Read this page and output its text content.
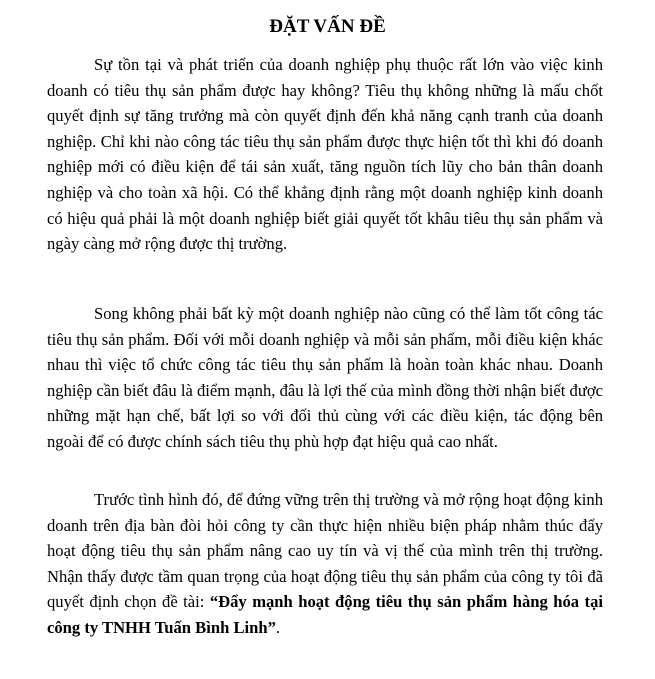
ĐẶT VẤN ĐỀ

Sự tồn tại và phát triển của doanh nghiệp phụ thuộc rất lớn vào việc kinh doanh có tiêu thụ sản phẩm được hay không? Tiêu thụ không những là mấu chốt quyết định sự tăng trưởng mà còn quyết định đến khả năng cạnh tranh của doanh nghiệp. Chỉ khi nào công tác tiêu thụ sản phẩm được thực hiện tốt thì khi đó doanh nghiệp mới có điều kiện để tái sản xuất, tăng nguồn tích lũy cho bản thân doanh nghiệp và cho toàn xã hội. Có thể khẳng định rằng một doanh nghiệp kinh doanh có hiệu quả phải là một doanh nghiệp biết giải quyết tốt khâu tiêu thụ sản phẩm và ngày càng mở rộng được thị trường.

Song không phải bất kỳ một doanh nghiệp nào cũng có thể làm tốt công tác tiêu thụ sản phẩm. Đối với mỗi doanh nghiệp và mỗi sản phẩm, mỗi điều kiện khác nhau thì việc tổ chức công tác tiêu thụ sản phẩm là hoàn toàn khác nhau. Doanh nghiệp cần biết đâu là điểm mạnh, đâu là lợi thế của mình đồng thời nhận biết được những mặt hạn chế, bất lợi so với đối thủ cùng với các điều kiện, tác động bên ngoài để có được chính sách tiêu thụ phù hợp đạt hiệu quả cao nhất.

Trước tình hình đó, để đứng vững trên thị trường và mở rộng hoạt động kinh doanh trên địa bàn đòi hỏi công ty cần thực hiện nhiều biện pháp nhằm thúc đẩy hoạt động tiêu thụ sản phẩm nâng cao uy tín và vị thế của mình trên thị trường. Nhận thấy được tầm quan trọng của hoạt động tiêu thụ sản phẩm của công ty tôi đã quyết định chọn đề tài: “Đẩy mạnh hoạt động tiêu thụ sản phẩm hàng hóa tại công ty TNHH Tuấn Bình Linh”.
